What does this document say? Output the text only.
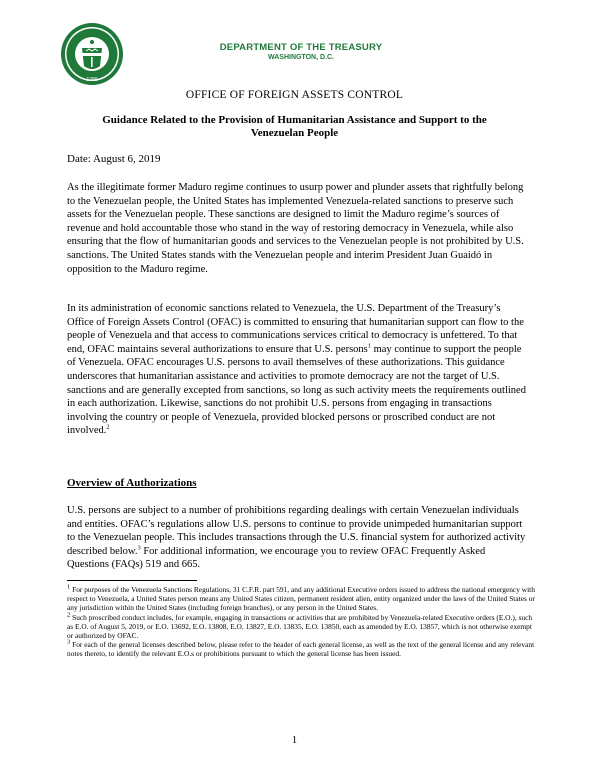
1789
DEPARTMENT OF THE TREASURY
WASHINGTON, D.C.
OFFICE OF FOREIGN ASSETS CONTROL
Guidance Related to the Provision of Humanitarian Assistance and Support to the
Venezuelan People
Date: August 6, 2019
As the illegitimate former Maduro regime continues to usurp power and plunder assets that rightfully belong to the Venezuelan people, the United States has implemented Venezuela-related sanctions to preserve such assets for the Venezuelan people. These sanctions are designed to limit the Maduro regime’s sources of revenue and hold accountable those who stand in the way of restoring democracy in Venezuela, while also ensuring that the flow of humanitarian goods and services to the Venezuelan people is not prohibited by U.S. sanctions. The United States stands with the Venezuelan people and interim President Juan Guaidó in opposition to the Maduro regime.
In its administration of economic sanctions related to Venezuela, the U.S. Department of the Treasury’s Office of Foreign Assets Control (OFAC) is committed to ensuring that humanitarian support can flow to the people of Venezuela and that access to communications services critical to democracy is unfettered. To that end, OFAC maintains several authorizations to ensure that U.S. persons$^1$ may continue to support the people of Venezuela. OFAC encourages U.S. persons to avail themselves of these authorizations. This guidance underscores that humanitarian assistance and activities to promote democracy are not the target of U.S. sanctions and are generally excepted from sanctions, so long as such activity meets the requirements outlined in each authorization. Likewise, sanctions do not prohibit U.S. persons from engaging in transactions involving the country or people of Venezuela, provided blocked persons or proscribed conduct are not involved.$^2$
Overview of Authorizations
U.S. persons are subject to a number of prohibitions regarding dealings with certain Venezuelan individuals and entities. OFAC’s regulations allow U.S. persons to continue to provide unimpeded humanitarian support to the Venezuelan people. This includes transactions through the U.S. financial system for authorized activity described below.$^3$ For additional information, we encourage you to review OFAC Frequently Asked Questions (FAQs) 519 and 665.

$^1$ For purposes of the Venezuela Sanctions Regulations, 31 C.F.R. part 591, and any additional Executive orders issued to address the national emergency with respect to Venezuela, a United States person means any United States citizen, permanent resident alien, entity organized under the laws of the United States or any jurisdiction within the United States (including foreign branches), or any person in the United States.

$^2$ Such proscribed conduct includes, for example, engaging in transactions or activities that are prohibited by Venezuela-related Executive orders (E.O.), such as E.O. of August 5, 2019, or E.O. 13692, E.O. 13808, E.O. 13827, E.O. 13835, E.O. 13850, each as amended by E.O. 13857, which is not otherwise exempt or authorized by OFAC.

$^3$ For each of the general licenses described below, please refer to the header of each general license, as well as the text of the general license and any relevant notes thereto, to identify the relevant E.O.s or prohibitions pursuant to which the general license has been issued.

1
